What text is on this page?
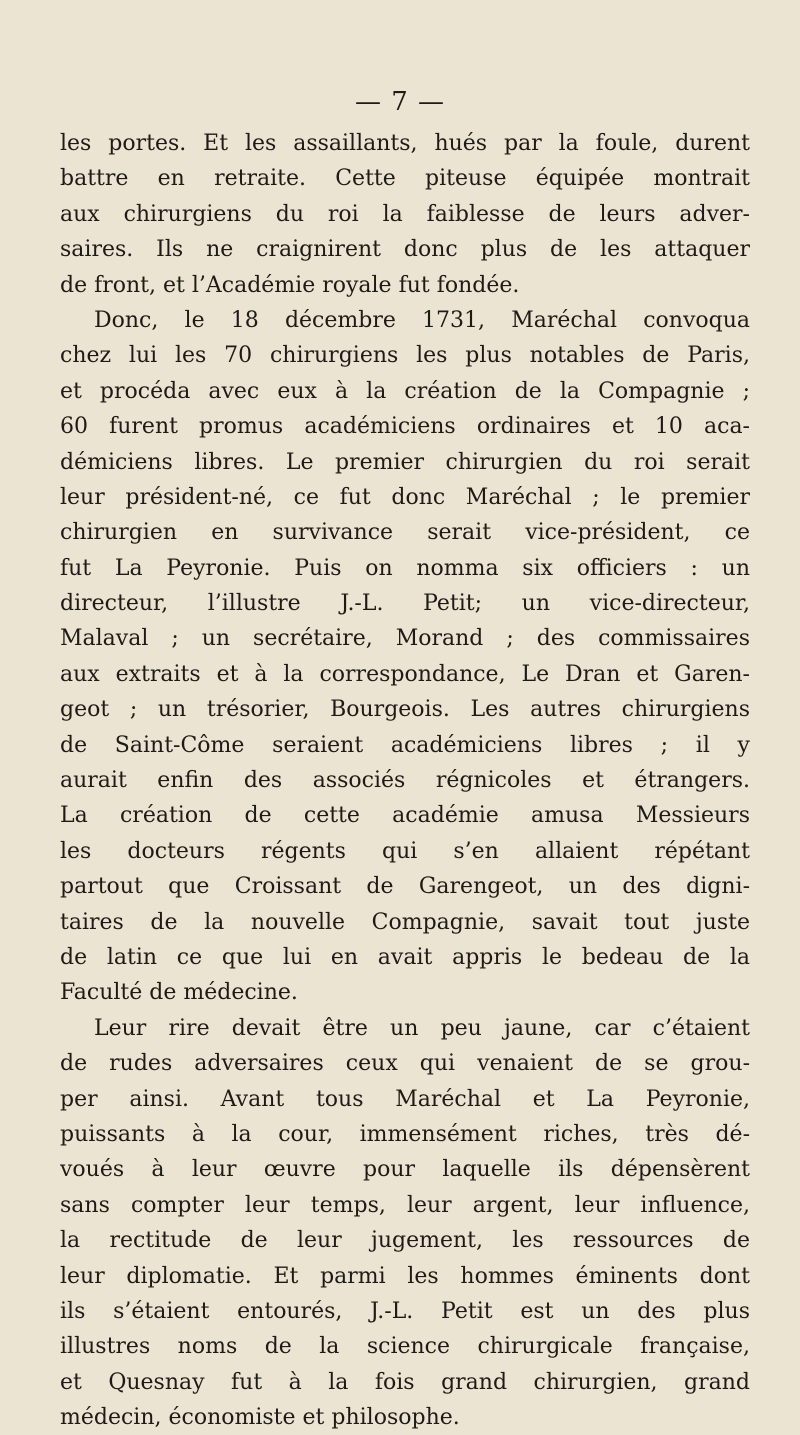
— 7 —
les portes. Et les assaillants, hués par la foule, durent
battre en retraite. Cette piteuse équipée montrait
aux chirurgiens du roi la faiblesse de leurs adver-
saires. Ils ne craignirent donc plus de les attaquer
de front, et l’Académie royale fut fondée.
Donc, le 18 décembre 1731, Maréchal convoqua
chez lui les 70 chirurgiens les plus notables de Paris,
et procéda avec eux à la création de la Compagnie ;
60 furent promus académiciens ordinaires et 10 aca-
démiciens libres. Le premier chirurgien du roi serait
leur président-né, ce fut donc Maréchal ; le premier
chirurgien en survivance serait vice-président, ce
fut La Peyronie. Puis on nomma six officiers : un
directeur, l’illustre J.-L. Petit; un vice-directeur,
Malaval ; un secrétaire, Morand ; des commissaires
aux extraits et à la correspondance, Le Dran et Garen-
geot ; un trésorier, Bourgeois. Les autres chirurgiens
de Saint-Côme seraient académiciens libres ; il y
aurait enfin des associés régnicoles et étrangers.
La création de cette académie amusa Messieurs
les docteurs régents qui s’en allaient répétant
partout que Croissant de Garengeot, un des digni-
taires de la nouvelle Compagnie, savait tout juste
de latin ce que lui en avait appris le bedeau de la
Faculté de médecine.
Leur rire devait être un peu jaune, car c’étaient
de rudes adversaires ceux qui venaient de se grou-
per ainsi. Avant tous Maréchal et La Peyronie,
puissants à la cour, immensément riches, très dé-
voués à leur œuvre pour laquelle ils dépensèrent
sans compter leur temps, leur argent, leur influence,
la rectitude de leur jugement, les ressources de
leur diplomatie. Et parmi les hommes éminents dont
ils s’étaient entourés, J.-L. Petit est un des plus
illustres noms de la science chirurgicale française,
et Quesnay fut à la fois grand chirurgien, grand
médecin, économiste et philosophe.
